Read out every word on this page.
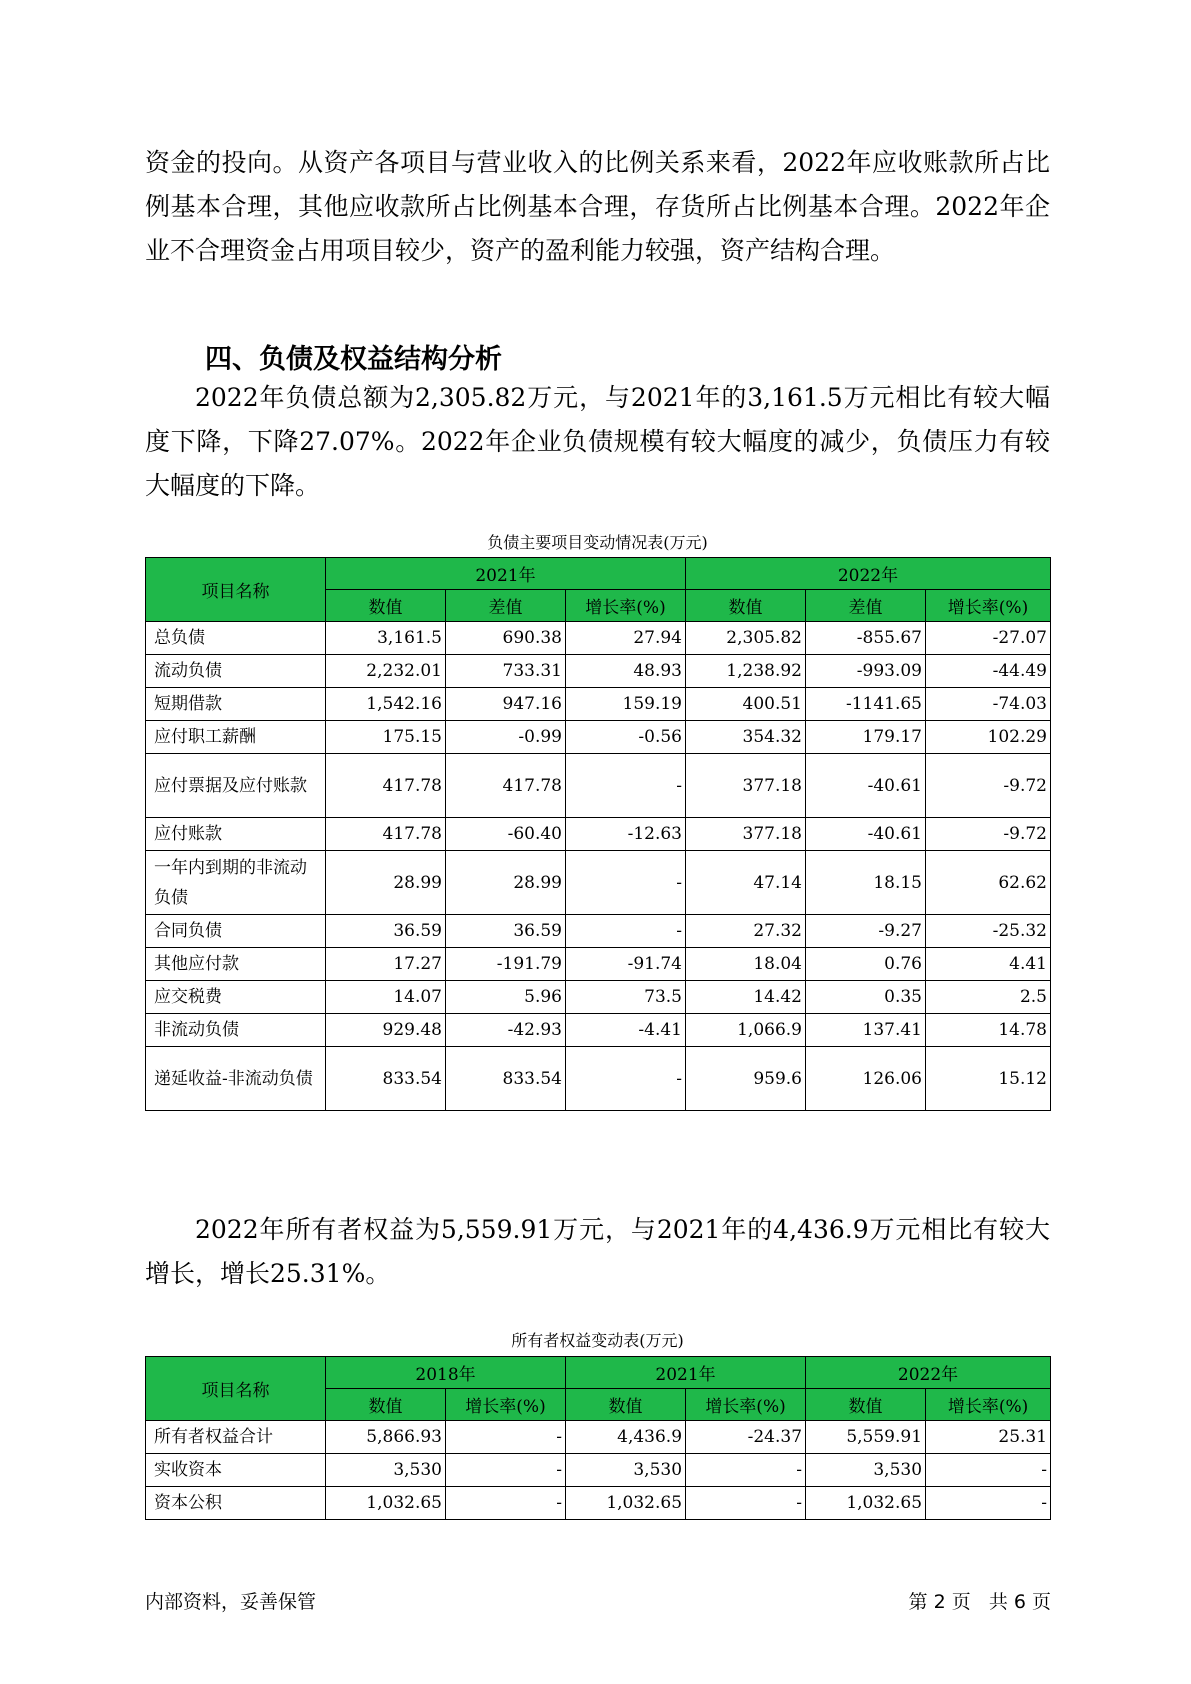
资金的投向。从资产各项目与营业收入的比例关系来看，2022年应收账款所占比例基本合理，其他应收款所占比例基本合理，存货所占比例基本合理。2022年企业不合理资金占用项目较少，资产的盈利能力较强，资产结构合理。

四、负债及权益结构分析

2022年负债总额为2,305.82万元，与2021年的3,161.5万元相比有较大幅度下降，下降27.07%。2022年企业负债规模有较大幅度的减少，负债压力有较大幅度的下降。

负债主要项目变动情况表(万元)

项目名称	2021年			2022年		
	数值	差值	增长率(%)	数值	差值	增长率(%)
总负债	3,161.5	690.38	27.94	2,305.82	-855.67	-27.07
流动负债	2,232.01	733.31	48.93	1,238.92	-993.09	-44.49
短期借款	1,542.16	947.16	159.19	400.51	-1141.65	-74.03
应付职工薪酬	175.15	-0.99	-0.56	354.32	179.17	102.29
应付票据及应付账款	417.78	417.78	-	377.18	-40.61	-9.72
应付账款	417.78	-60.40	-12.63	377.18	-40.61	-9.72
一年内到期的非流动负债	28.99	28.99	-	47.14	18.15	62.62
合同负债	36.59	36.59	-	27.32	-9.27	-25.32
其他应付款	17.27	-191.79	-91.74	18.04	0.76	4.41
应交税费	14.07	5.96	73.5	14.42	0.35	2.5
非流动负债	929.48	-42.93	-4.41	1,066.9	137.41	14.78
递延收益-非流动负债	833.54	833.54	-	959.6	126.06	15.12

2022年所有者权益为5,559.91万元，与2021年的4,436.9万元相比有较大增长，增长25.31%。

所有者权益变动表(万元)

项目名称	2018年		2021年		2022年	
	数值	增长率(%)	数值	增长率(%)	数值	增长率(%)
所有者权益合计	5,866.93	-	4,436.9	-24.37	5,559.91	25.31
实收资本	3,530	-	3,530	-	3,530	-
资本公积	1,032.65	-	1,032.65	-	1,032.65	-
内部资料，妥善保管	第 2 页   共 6 页
